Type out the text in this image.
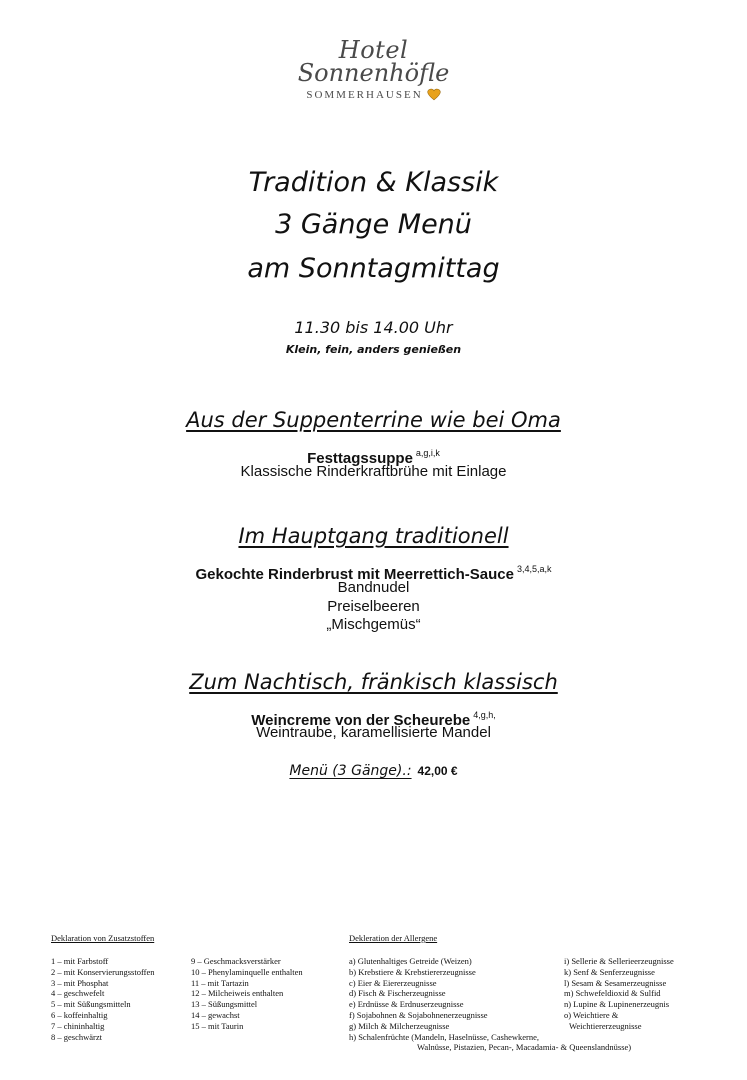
Hotel
Sonnenhöfle
SOMMERHAUSEN
Tradition & Klassik
3 Gänge Menü
am Sonntagmittag
11.30 bis 14.00 Uhr
Klein, fein, anders genießen
Aus der Suppenterrine wie bei Oma
Festtagssuppe $^{a,g,i,k}$
Klassische Rinderkraftbrühe mit Einlage
Im Hauptgang traditionell
Gekochte Rinderbrust mit Meerrettich-Sauce $^{3,4,5,a,k}$
Bandnudel
Preiselbeeren
„Mischgemüs“
Zum Nachtisch, fränkisch klassisch
Weincreme von der Scheurebe $^{4,g,h,}$
Weintraube, karamellisierte Mandel
Menü (3 Gänge).: 42,00 €
Deklaration von Zusatzstoffen
1 – mit Farbstoff
2 – mit Konservierungsstoffen
3 – mit Phosphat
4 – geschwefelt
5 – mit Süßungsmitteln
6 – koffeinhaltig
7 – chininhaltig
8 – geschwärzt
9 – Geschmacksverstärker
10 – Phenylaminquelle enthalten
11 – mit Tartazin
12 – Milcheiweis enthalten
13 – Süßungsmittel
14 – gewachst
15 – mit Taurin
Dekleration der Allergene
a) Glutenhaltiges Getreide (Weizen)
b) Krebstiere & Krebstiererzeugnisse
c) Eier & Eiererzeugnisse
d) Fisch & Fischerzeugnisse
e) Erdnüsse & Erdnuserzeugnisse
f) Sojabohnen & Sojabohnenerzeugnisse
g) Milch & Milcherzeugnisse
h) Schalenfrüchte (Mandeln, Haselnüsse, Cashewkerne,
Walnüsse, Pistazien, Pecan-, Macadamia- & Queenslandnüsse)
i) Sellerie & Sellerieerzeugnisse
k) Senf & Senferzeugnisse
l) Sesam & Sesamerzeugnisse
m) Schwefeldioxid & Sulfid
n) Lupine & Lupinenerzeugnis
o) Weichtiere &
Weichtiererzeugnisse
